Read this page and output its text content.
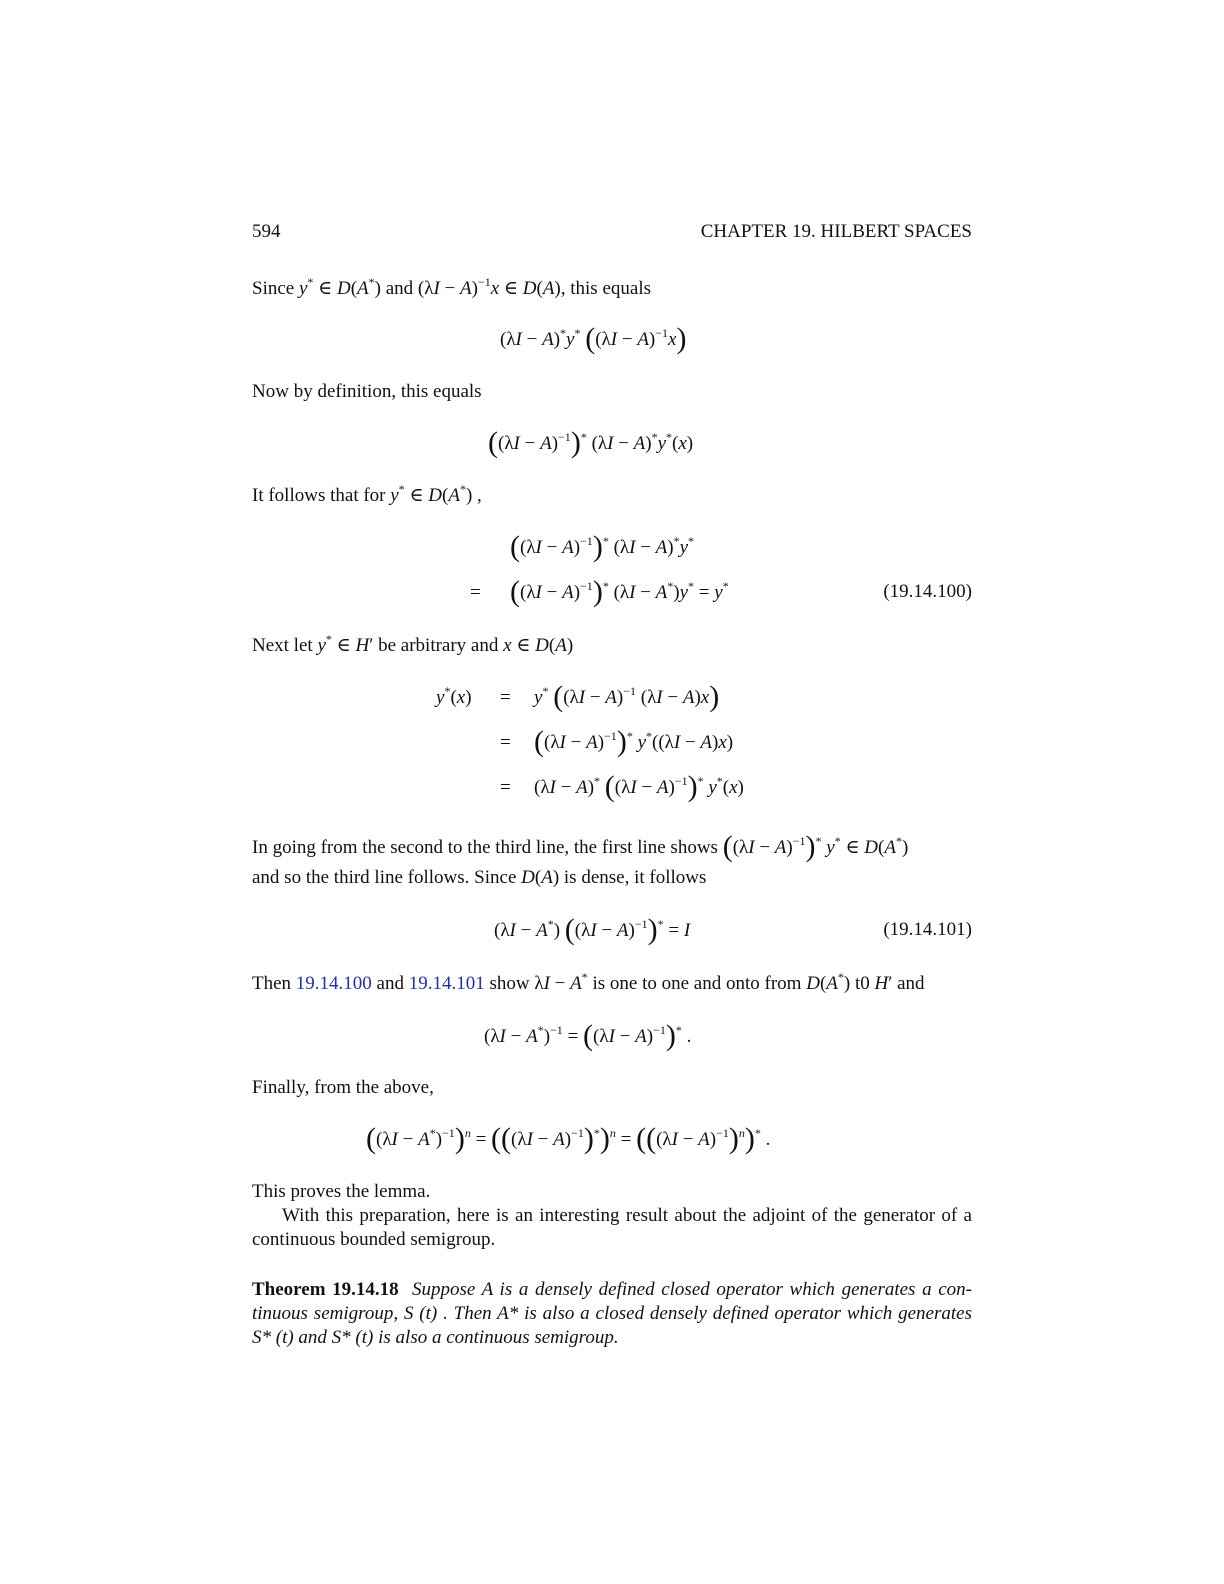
594	CHAPTER 19. HILBERT SPACES
Since y* ∈ D(A*) and $(\lambda I - A)^{-1}x$ ∈ D(A), this equals
(λI − A)*y* $((\lambda I - A)^{-1}x)$
Now by definition, this equals
$((\lambda I - A)^{-1})^*$ (λI − A)*y*(x)
It follows that for y* ∈ D(A*) ,
$((\lambda I - A)^{-1})^*$ (λI − A)*y*
= $((\lambda I - A)^{-1})^*$ (λI − A*)y* = y*	(19.14.100)
Next let y* ∈ H′ be arbitrary and x ∈ D(A)
y*(x) = y* ($(\lambda I - A)^{-1}$ (λI − A)x)
= $((\lambda I - A)^{-1})^*$ y*((λI − A)x)
= (λI − A)* $((\lambda I - A)^{-1})^*$ y*(x)
In going from the second to the third line, the first line shows $((\lambda I - A)^{-1})^*$ y* ∈ D(A*)
and so the third line follows. Since D(A) is dense, it follows
(λI − A*) $((\lambda I - A)^{-1})^* = I$	(19.14.101)
Then 19.14.100 and 19.14.101 show λI − A* is one to one and onto from D(A*) t0 H′ and
$(\lambda I - A^*)^{-1} = ((\lambda I - A)^{-1})^*$ .
Finally, from the above,
$((\lambda I - A^*)^{-1})^n = (((\lambda I - A)^{-1})^*)^n = (((\lambda I - A)^{-1})^n)^*$ .
This proves the lemma.
With this preparation, here is an interesting result about the adjoint of the generator of a continuous bounded semigroup.
Theorem 19.14.18 Suppose A is a densely defined closed operator which generates a con-tinuous semigroup, S (t) . Then A* is also a closed densely defined operator which generates S* (t) and S* (t) is also a continuous semigroup.
